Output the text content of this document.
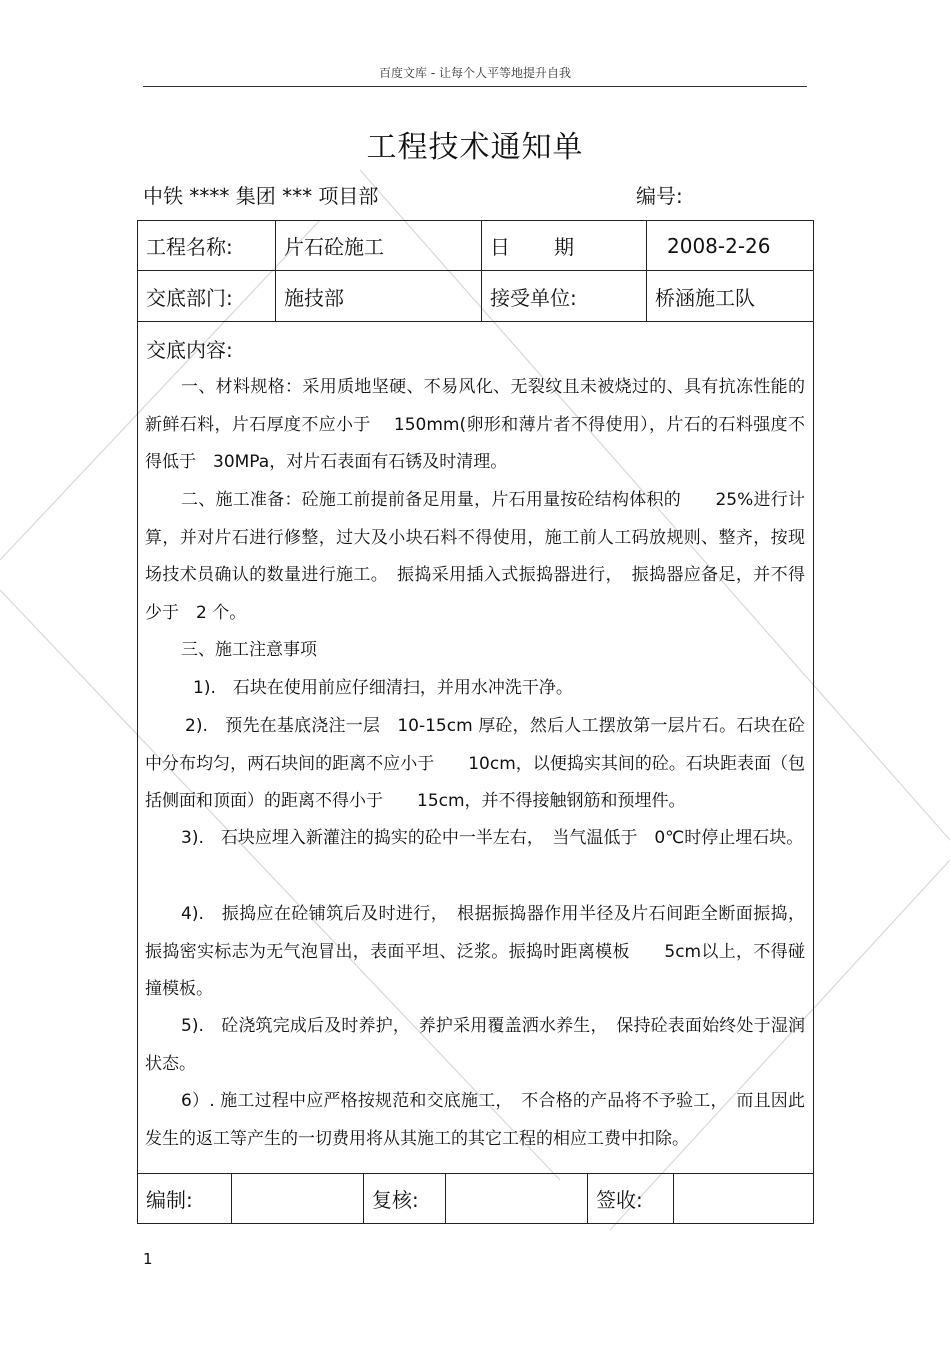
百度文库 - 让每个人平等地提升自我
工程技术通知单
中铁 **** 集团 *** 项目部	编号:
工程名称:	片石砼施工	日 期	2008-2-26
交底部门:	施技部	接受单位:	桥涵施工队
交底内容:

一、材料规格：采用质地坚硬、不易风化、无裂纹且未被烧过的、具有抗冻性能的新鲜石料，片石厚度不应小于　 150mm(卵形和薄片者不得使用），片石的石料强度不得低于　30MPa，对片石表面有石锈及时清理。

二、施工准备：砼施工前提前备足用量，片石用量按砼结构体积的　　25%进行计算，并对片石进行修整，过大及小块石料不得使用，施工前人工码放规则、整齐，按现场技术员确认的数量进行施工。　振捣采用插入式振捣器进行，　振捣器应备足，并不得少于　2 个。

三、施工注意事项

1).　石块在使用前应仔细清扫，并用水冲洗干净。

2).　预先在基底浇注一层　10-15cm 厚砼，然后人工摆放第一层片石。石块在砼中分布均匀，两石块间的距离不应小于　　10cm，以便捣实其间的砼。石块距表面（包括侧面和顶面）的距离不得小于　　15cm，并不得接触钢筋和预埋件。

3).　石块应埋入新灌注的捣实的砼中一半左右，　当气温低于　0℃时停止埋石块。

4).　振捣应在砼铺筑后及时进行，　根据振捣器作用半径及片石间距全断面振捣，振捣密实标志为无气泡冒出，表面平坦、泛浆。振捣时距离模板　　5cm以上，不得碰撞模板。

5).　砼浇筑完成后及时养护，　养护采用覆盖洒水养生，　保持砼表面始终处于湿润状态。

6）. 施工过程中应严格按规范和交底施工，　不合格的产品将不予验工，　而且因此发生的返工等产生的一切费用将从其施工的其它工程的相应工费中扣除。

编制:	复核:	签收:
1
